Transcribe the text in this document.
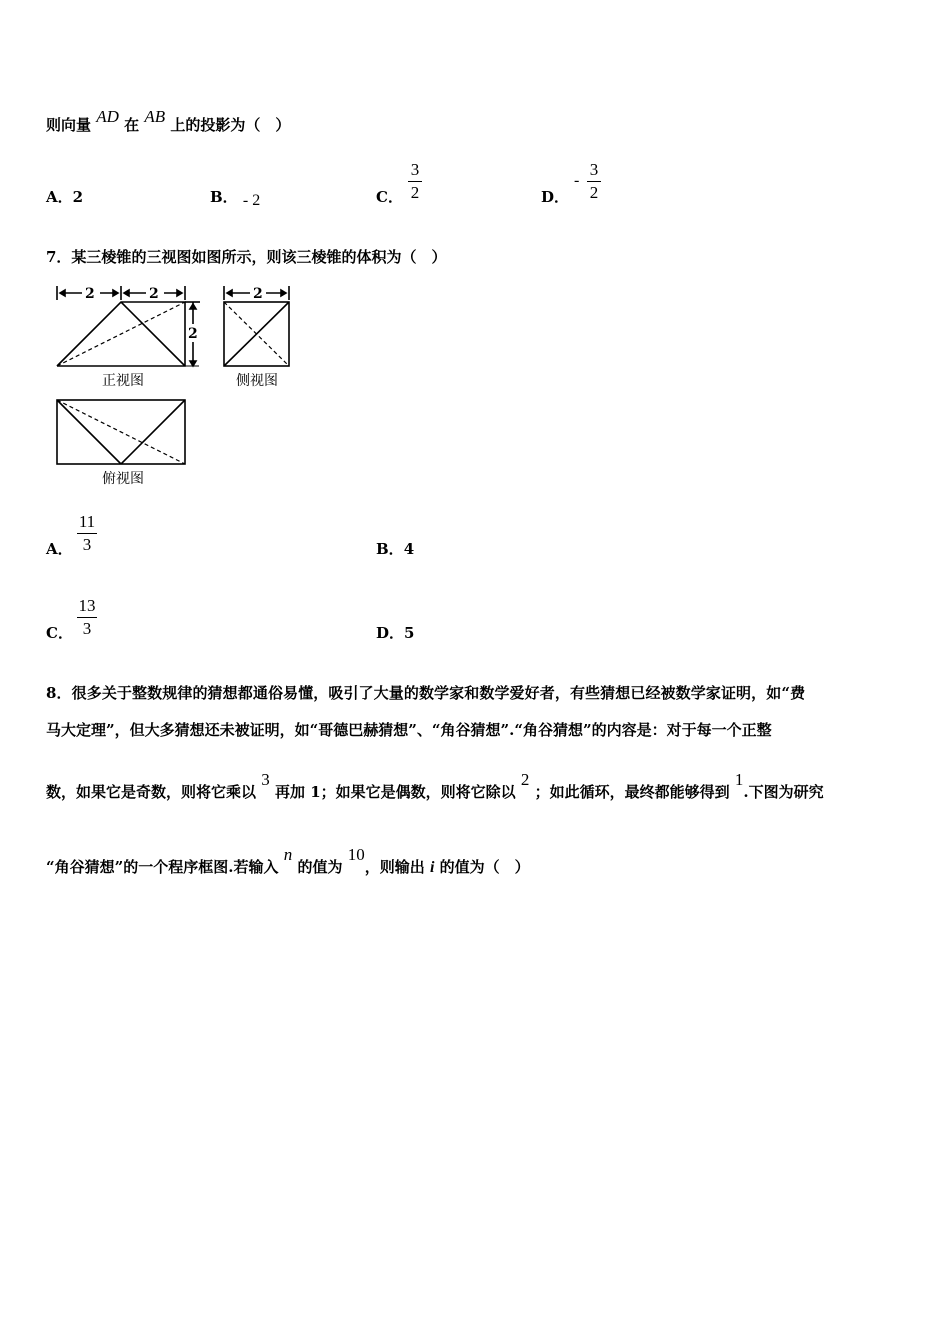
则向量 AD 在 AB 上的投影为（　）
A．2	B． - 2	C．
3
2	D．
-
3
2
7．某三棱锥的三视图如图所示，则该三棱锥的体积为（　）
2	2
2
2
正视图	侧视图
俯视图
A．
11
3	B．4
C．
13
3	D．5
8．很多关于整数规律的猜想都通俗易懂，吸引了大量的数学家和数学爱好者，有些猜想已经被数学家证明，如“费
马大定理”，但大多猜想还未被证明，如“哥德巴赫猜想”、“角谷猜想”.“角谷猜想”的内容是：对于每一个正整
数，如果它是奇数，则将它乘以 3 再加 1；如果它是偶数，则将它除以 2 ；如此循环，最终都能够得到 1.下图为研究
“角谷猜想”的一个程序框图.若输入 n 的值为 10，则输出 i 的值为（　）
